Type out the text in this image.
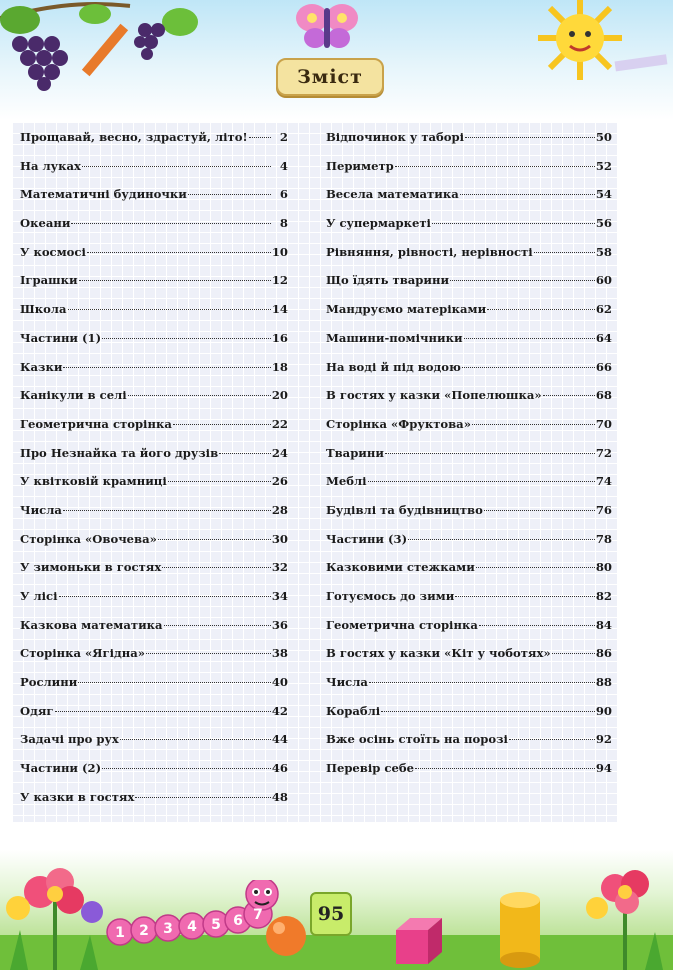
Зміст
Прощавай, весно, здрастуй, літо!	2
На луках	4
Математичні будиночки	6
Океани	8
У космосі	10
Іграшки	12
Школа	14
Частини (1)	16
Казки	18
Канікули в селі	20
Геометрична сторінка	22
Про Незнайка та його друзів	24
У квітковій крамниці	26
Числа	28
Сторінка «Овочева»	30
У зимоньки в гостях	32
У лісі	34
Казкова математика	36
Сторінка «Ягідна»	38
Рослини	40
Одяг	42
Задачі про рух	44
Частини (2)	46
У казки в гостях	48
Відпочинок у таборі	50
Периметр	52
Весела математика	54
У супермаркеті	56
Рівняння, рівності, нерівності	58
Що їдять тварини	60
Мандруємо матеріками	62
Машини-помічники	64
На воді й під водою	66
В гостях у казки «Попелюшка»	68
Сторінка «Фруктова»	70
Тварини	72
Меблі	74
Будівлі та будівництво	76
Частини (3)	78
Казковими стежками	80
Готуємось до зими	82
Геометрична сторінка	84
В гостях у казки «Кіт у чоботях»	86
Числа	88
Кораблі	90
Вже осінь стоїть на порозі	92
Перевір себе	94
1 2 3 4 5 6 7	95
